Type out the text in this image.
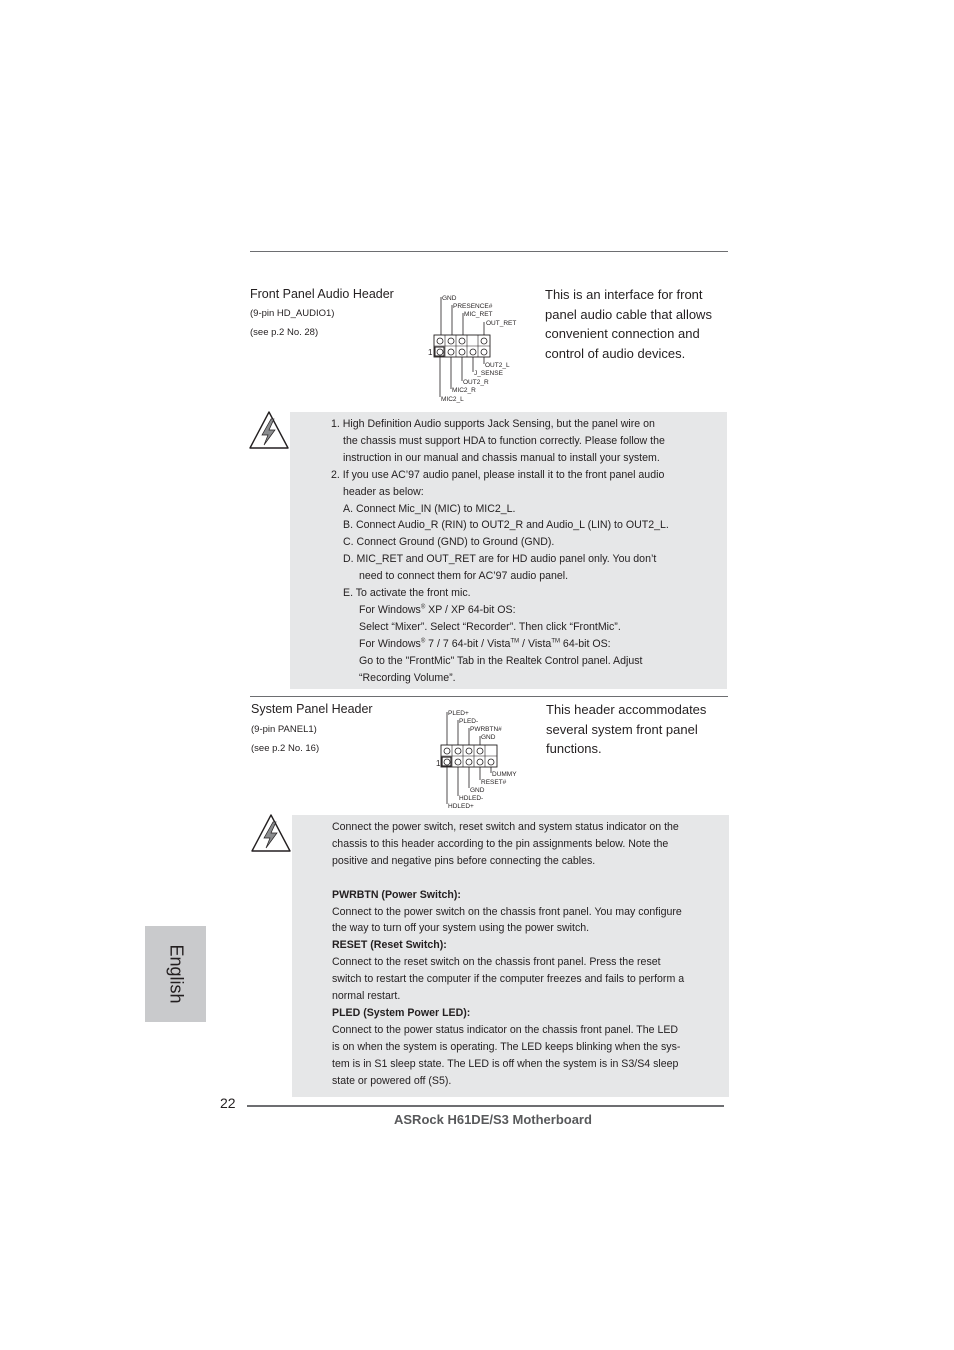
Front Panel Audio Header
(9-pin HD_AUDIO1)
(see p.2 No. 28)
GND
PRESENCE#
MIC_RET
OUT_RET
1
OUT2_L
J_SENSE
OUT2_R
MIC2_R
MIC2_L
This is an interface for front
panel audio cable that allows
convenient connection and
control of audio devices.
1. High Definition Audio supports Jack Sensing, but the panel wire on
the chassis must support HDA to function correctly. Please follow the
instruction in our manual and chassis manual to install your system.
2. If you use AC’97 audio panel, please install it to the front panel audio
header as below:
A. Connect Mic_IN (MIC) to MIC2_L.
B. Connect Audio_R (RIN) to OUT2_R and Audio_L (LIN) to OUT2_L.
C. Connect Ground (GND) to Ground (GND).
D. MIC_RET and OUT_RET are for HD audio panel only. You don’t
need to connect them for AC’97 audio panel.
E. To activate the front mic.
For Windows® XP / XP 64-bit OS:
Select “Mixer”. Select “Recorder”. Then click “FrontMic”.
For Windows® 7 / 7 64-bit / Vista™ / Vista™ 64-bit OS:
Go to the "FrontMic" Tab in the Realtek Control panel. Adjust
“Recording Volume”.
System Panel Header
(9-pin PANEL1)
(see p.2 No. 16)
PLED+
PLED-
PWRBTN#
GND
1
DUMMY
RESET#
GND
HDLED-
HDLED+
This header accommodates
several system front panel
functions.
Connect the power switch, reset switch and system status indicator on the
chassis to this header according to the pin assignments below. Note the
positive and negative pins before connecting the cables.
PWRBTN (Power Switch):
Connect to the power switch on the chassis front panel. You may configure
the way to turn off your system using the power switch.
RESET (Reset Switch):
Connect to the reset switch on the chassis front panel. Press the reset
switch to restart the computer if the computer freezes and fails to perform a
normal restart.
PLED (System Power LED):
Connect to the power status indicator on the chassis front panel. The LED
is on when the system is operating. The LED keeps blinking when the sys-
tem is in S1 sleep state. The LED is off when the system is in S3/S4 sleep
state or powered off (S5).
English
22
ASRock H61DE/S3 Motherboard
